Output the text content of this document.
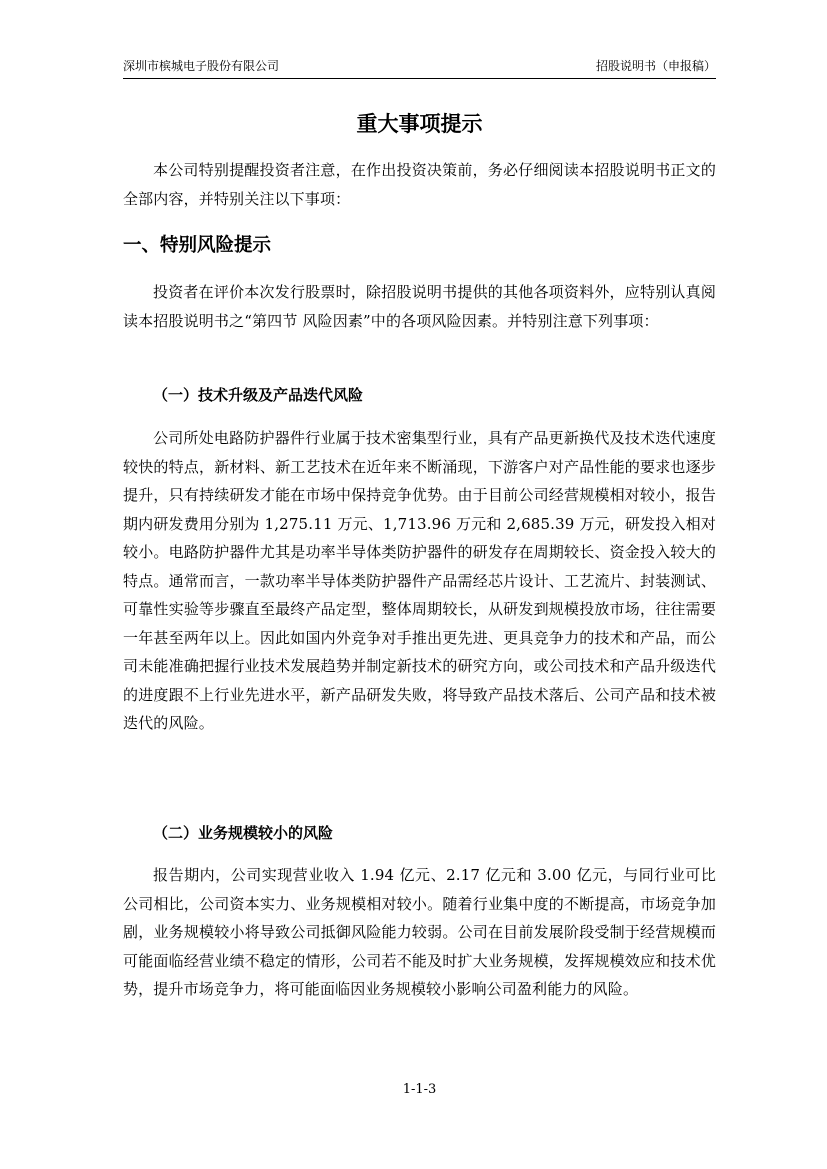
深圳市槟城电子股份有限公司	招股说明书（申报稿）
重大事项提示
本公司特别提醒投资者注意，在作出投资决策前，务必仔细阅读本招股说明书正文的全部内容，并特别关注以下事项：
一、特别风险提示
投资者在评价本次发行股票时，除招股说明书提供的其他各项资料外，应特别认真阅读本招股说明书之“第四节 风险因素”中的各项风险因素。并特别注意下列事项：
（一）技术升级及产品迭代风险
公司所处电路防护器件行业属于技术密集型行业，具有产品更新换代及技术迭代速度较快的特点，新材料、新工艺技术在近年来不断涌现，下游客户对产品性能的要求也逐步提升，只有持续研发才能在市场中保持竞争优势。由于目前公司经营规模相对较小，报告期内研发费用分别为 1,275.11 万元、1,713.96 万元和 2,685.39 万元，研发投入相对较小。电路防护器件尤其是功率半导体类防护器件的研发存在周期较长、资金投入较大的特点。通常而言，一款功率半导体类防护器件产品需经芯片设计、工艺流片、封装测试、可靠性实验等步骤直至最终产品定型，整体周期较长，从研发到规模投放市场，往往需要一年甚至两年以上。因此如国内外竞争对手推出更先进、更具竞争力的技术和产品，而公司未能准确把握行业技术发展趋势并制定新技术的研究方向，或公司技术和产品升级迭代的进度跟不上行业先进水平，新产品研发失败，将导致产品技术落后、公司产品和技术被迭代的风险。
（二）业务规模较小的风险
报告期内，公司实现营业收入 1.94 亿元、2.17 亿元和 3.00 亿元，与同行业可比公司相比，公司资本实力、业务规模相对较小。随着行业集中度的不断提高，市场竞争加剧，业务规模较小将导致公司抵御风险能力较弱。公司在目前发展阶段受制于经营规模而可能面临经营业绩不稳定的情形，公司若不能及时扩大业务规模，发挥规模效应和技术优势，提升市场竞争力，将可能面临因业务规模较小影响公司盈利能力的风险。
1-1-3
